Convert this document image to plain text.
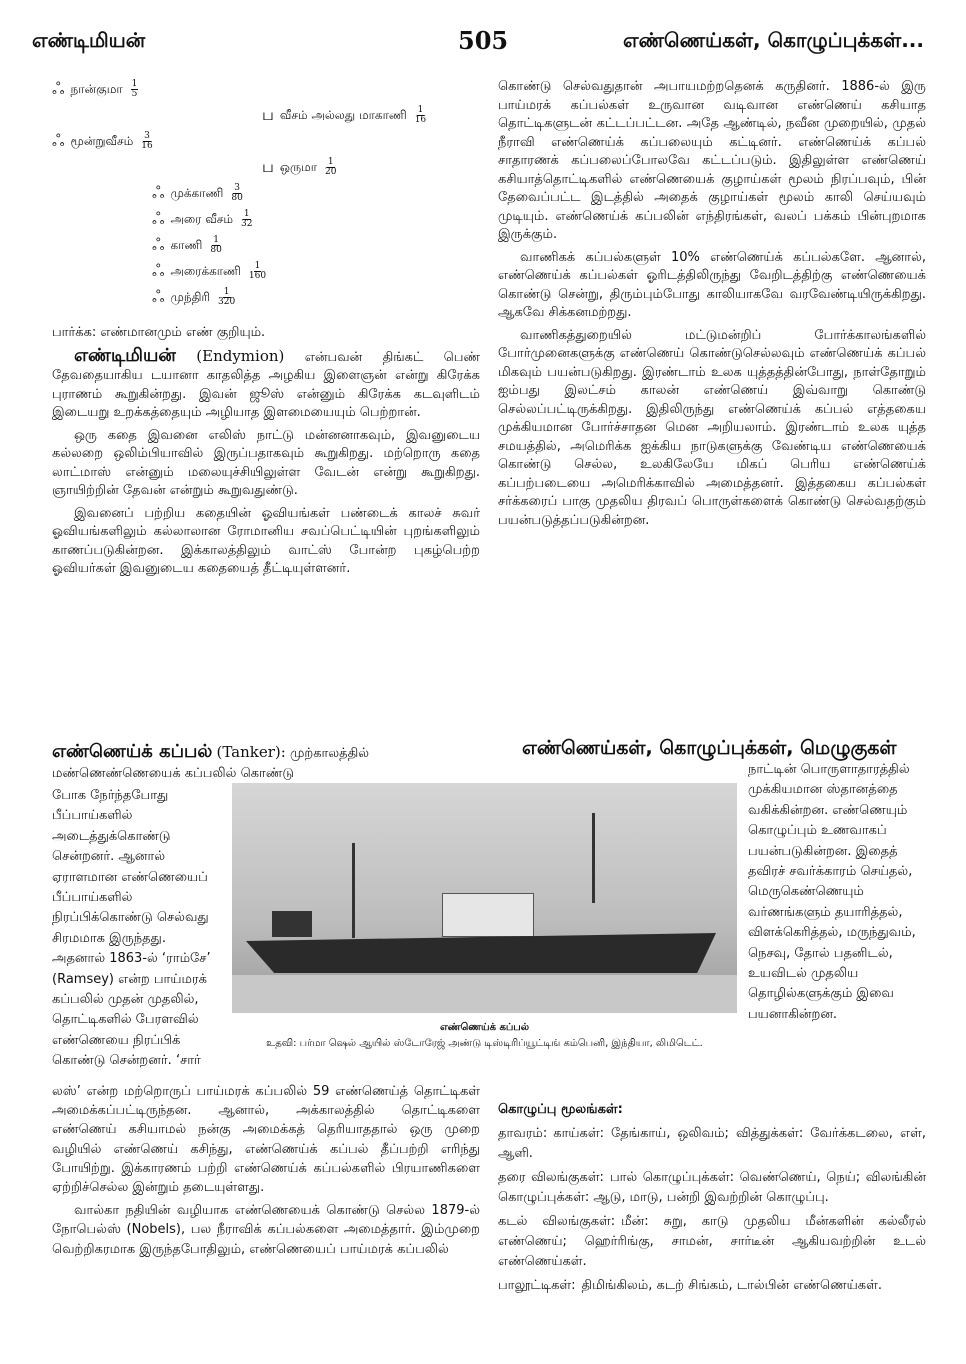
எண்டிமியன்	505	எண்ணெய்கள், கொழுப்புக்கள்...
ஃ நான்குமா $\frac{1}{5}$
ப வீசம் அல்லது மாகாணி $\frac{1}{16}$
ஃ மூன்றுவீசம் $\frac{3}{16}$
ப ஒருமா $\frac{1}{20}$
ஃ முக்காணி $\frac{3}{80}$
ஃ அரை வீசம் $\frac{1}{32}$
ஃ காணி $\frac{1}{80}$
ஃ அரைக்காணி $\frac{1}{160}$
ஃ முந்திரி $\frac{1}{320}$

பார்க்க: எண்மானமும் எண் குறியும்.

எண்டிமியன் (Endymion) என்பவன் திங்கட் பெண் தேவதையாகிய டயானா காதலித்த அழகிய இளைஞன் என்று கிரேக்க புராணம் கூறுகின்றது. இவன் ஜூஸ் என்னும் கிரேக்க கடவுளிடம் இடையறு உறக்கத்தையும் அழியாத இளமையையும் பெற்றான்.

ஒரு கதை இவனை எலிஸ் நாட்டு மன்னனாகவும், இவனுடைய கல்லறை ஒலிம்பியாவில் இருப்பதாகவும் கூறுகிறது. மற்றொரு கதை லாட்மாஸ் என்னும் மலையுச்சியிலுள்ள வேடன் என்று கூறுகிறது. ஞாயிற்றின் தேவன் என்றும் கூறுவதுண்டு.

இவனைப் பற்றிய கதையின் ஓவியங்கள் பண்டைக் காலச் சுவர் ஓவியங்களிலும் கல்லாலான ரோமானிய சவப்பெட்டியின் புறங்களிலும் காணப்படுகின்றன. இக்காலத்திலும் வாட்ஸ் போன்ற புகழ்பெற்ற ஓவியர்கள் இவனுடைய கதையைத் தீட்டியுள்ளனர்.

எண்ணெய்க் கப்பல் (Tanker): முற்காலத்தில் மண்ணெண்ணெயைக் கப்பலில் கொண்டு
போக நேர்ந்தபோது பீப்பாய்களில் அடைத்துக்கொண்டு சென்றனர். ஆனால் ஏராளமான எண்ணெயைப் பீப்பாய்களில் நிரப்பிக்கொண்டு செல்வது சிரமமாக இருந்தது. அதனால் 1863-ல் ‘ராம்சே’ (Ramsey) என்ற பாய்மரக் கப்பலில் முதன் முதலில், தொட்டிகளில் பேரளவில் எண்ணெயை நிரப்பிக் கொண்டு சென்றனர். ‘சார்
எண்ணெய்க் கப்பல்
உதவி: பர்மா ஷெல் ஆயில் ஸ்டோரேஜ் அண்டு டிஸ்டிரிப்யூட்டிங் கம்பெனி, இந்தியா, லிமிடெட்.

லஸ்’ என்ற மற்றொருப் பாய்மரக் கப்பலில் 59 எண்ணெய்த் தொட்டிகள் அமைக்கப்பட்டிருந்தன. ஆனால், அக்காலத்தில் தொட்டிகளை எண்ணெய் கசியாமல் நன்கு அமைக்கத் தெரியாததால் ஒரு முறை வழியில் எண்ணெய் கசிந்து, எண்ணெய்க் கப்பல் தீப்பற்றி எரிந்து போயிற்று. இக்காரணம் பற்றி எண்ணெய்க் கப்பல்களில் பிரயாணிகளை ஏற்றிச்செல்ல இன்றும் தடையுள்ளது.

வால்கா நதியின் வழியாக எண்ணெயைக் கொண்டு செல்ல 1879-ல் நோபெல்ஸ் (Nobels), பல நீராவிக் கப்பல்களை அமைத்தார். இம்முறை வெற்றிகரமாக இருந்தபோதிலும், எண்ணெயைப் பாய்மரக் கப்பலில்

கொண்டு செல்வதுதான் அபாயமற்றதெனக் கருதினர். 1886-ல் இரு பாய்மரக் கப்பல்கள் உருவான வடிவான எண்ணெய் கசியாத தொட்டிகளுடன் கட்டப்பட்டன. அதே ஆண்டில், நவீன முறையில், முதல் நீராவி எண்ணெய்க் கப்பலையும் கட்டினர். எண்ணெய்க் கப்பல் சாதாரணக் கப்பலைப்போலவே கட்டப்படும். இதிலுள்ள எண்ணெய் கசியாத்தொட்டிகளில் எண்ணெயைக் குழாய்கள் மூலம் நிரப்பவும், பின் தேவைப்பட்ட இடத்தில் அதைக் குழாய்கள் மூலம் காலி செய்யவும் முடியும். எண்ணெய்க் கப்பலின் எந்திரங்கள், வலப் பக்கம் பின்புறமாக இருக்கும்.

வாணிகக் கப்பல்களுள் 10% எண்ணெய்க் கப்பல்களே. ஆனால், எண்ணெய்க் கப்பல்கள் ஓரிடத்திலிருந்து வேறிடத்திற்கு எண்ணெயைக் கொண்டு சென்று, திரும்பும்போது காலியாகவே வரவேண்டியிருக்கிறது. ஆகவே சிக்கனமற்றது.

வாணிகத்துறையில் மட்டுமன்றிப் போர்க்காலங்களில் போர்முனைகளுக்கு எண்ணெய் கொண்டுசெல்லவும் எண்ணெய்க் கப்பல் மிகவும் பயன்படுகிறது. இரண்டாம் உலக யுத்தத்தின்போது, நாள்தோறும் ஐம்பது இலட்சம் காலன் எண்ணெய் இவ்வாறு கொண்டு செல்லப்பட்டிருக்கிறது. இதிலிருந்து எண்ணெய்க் கப்பல் எத்தகைய முக்கியமான போர்ச்சாதன மென அறியலாம். இரண்டாம் உலக யுத்த சமயத்தில், அமெரிக்க ஐக்கிய நாடுகளுக்கு வேண்டிய எண்ணெயைக் கொண்டு செல்ல, உலகிலேயே மிகப் பெரிய எண்ணெய்க் கப்பற்படையை அமெரிக்காவில் அமைத்தனர். இத்தகைய கப்பல்கள் சர்க்கரைப் பாகு முதலிய திரவப் பொருள்களைக் கொண்டு செல்வதற்கும் பயன்படுத்தப்படுகின்றன.

எண்ணெய்கள், கொழுப்புக்கள், மெழுகுகள்
நாட்டின் பொருளாதாரத்தில் முக்கியமான ஸ்தானத்தை வகிக்கின்றன. எண்ணெயும் கொழுப்பும் உணவாகப் பயன்படுகின்றன. இதைத் தவிரச் சவர்க்காரம் செய்தல், மெருகெண்ணெயும் வர்ணங்களும் தயாரித்தல், விளக்கெரித்தல், மருந்துவம், நெசவு, தோல் பதனிடல், உயவிடல் முதலிய தொழில்களுக்கும் இவை பயனாகின்றன.

கொழுப்பு மூலங்கள்:

தாவரம்: காய்கள்: தேங்காய், ஒலிவம்; வித்துக்கள்: வேர்க்கடலை, எள், ஆளி.

தரை விலங்குகள்: பால் கொழுப்புக்கள்: வெண்ணெய், நெய்; விலங்கின் கொழுப்புக்கள்: ஆடு, மாடு, பன்றி இவற்றின் கொழுப்பு.

கடல் விலங்குகள்: மீன்: சுறு, காடு முதலிய மீன்களின் கல்லீரல் எண்ணெய்; ஹெர்ரிங்கு, சாமன், சார்டீன் ஆகியவற்றின் உடல் எண்ணெய்கள்.

பாலூட்டிகள்: திமிங்கிலம், கடற் சிங்கம், டால்பின் எண்ணெய்கள்.
